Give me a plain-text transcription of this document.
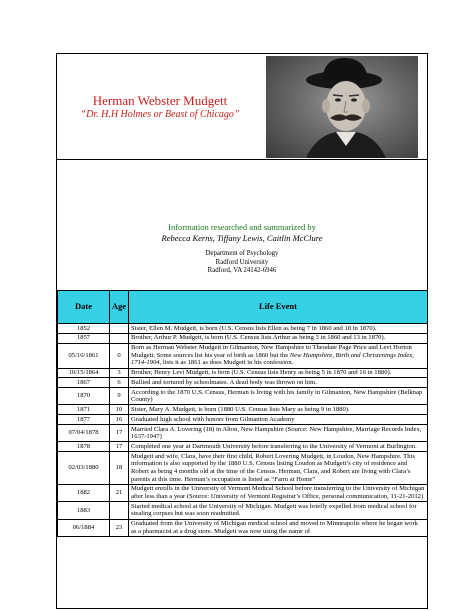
Herman Webster Mudgett
“Dr. H.H Holmes or Beast of Chicago”
Information researched and summarized by
Rebecca Kerns, Tiffany Lewis, Caitlin McClure
Department of Psychology
Radford University
Radford, VA 24142-6946
Date	Age	Life Event
1852		Sister, Ellen M. Mudgett, is born (U.S. Census lists Ellen as being 7 in 1860 and 18 in 1870).
1857		Brother, Arthur P. Mudgett, is born (U.S. Census lists Arthur as being 3 in 1860 and 13 in 1870).
05/16/1861	0	Born as Herman Webster Mudgett in Gilmanton, New Hampshire to Theodate Page Price and Levi Horton Mudgett. Some sources list his year of birth as 1860 but the New Hampshire, Birth and Christenings Index, 1714-1904, lists it as 1861 as does Mudgett in his confession.
10/15/1864	3	Brother, Henry Levi Mudgett, is born (U.S. Census lists Henry as being 5 in 1870 and 16 in 1880).
1867	6	Bullied and tortured by schoolmates. A dead body was thrown on him.
1870	9	According to the 1870 U.S. Census, Herman is living with his family in Gilmanton, New Hampshire (Belknap County)
1871	10	Sister, Mary A. Mudgett, is born (1880 U.S. Census lists Mary as being 9 in 1880).
1877	16	Graduated high school with honors from Gilmanton Academy
07/04/1878	17	Married Clara A. Lovering (18) in Alton, New Hampshire (Source: New Hampshire, Marriage Records Index, 1637-1947)
1878	17	Completed one year at Dartmouth University before transferring to the University of Vermont at Burlington.
02/03/1880	18	Mudgett and wife, Clara, have their first child, Robert Lovering Mudgett, in Loudon, New Hampshire. This information is also supported by the 1880 U.S. Census listing Loudon as Mudgett’s city of residence and Robert as being 4 months old at the time of the Census. Herman, Clara, and Robert are living with Clara’s parents at this time. Herman’s occupation is listed as “Farm at Home”
1882	21	Mudgett enrolls in the University of Vermont Medical School before transferring to the University of Michigan after less than a year (Source: University of Vermont Registrar’s Office, personal communication, 11-21-2012)
1883		Started medical school at the University of Michigan. Mudgett was briefly expelled from medical school for stealing corpses but was soon readmitted.
06/1884	23	Graduated from the University of Michigan medical school and moved to Minneapolis where he began work as a pharmacist at a drug store. Mudgett was now using the name of
